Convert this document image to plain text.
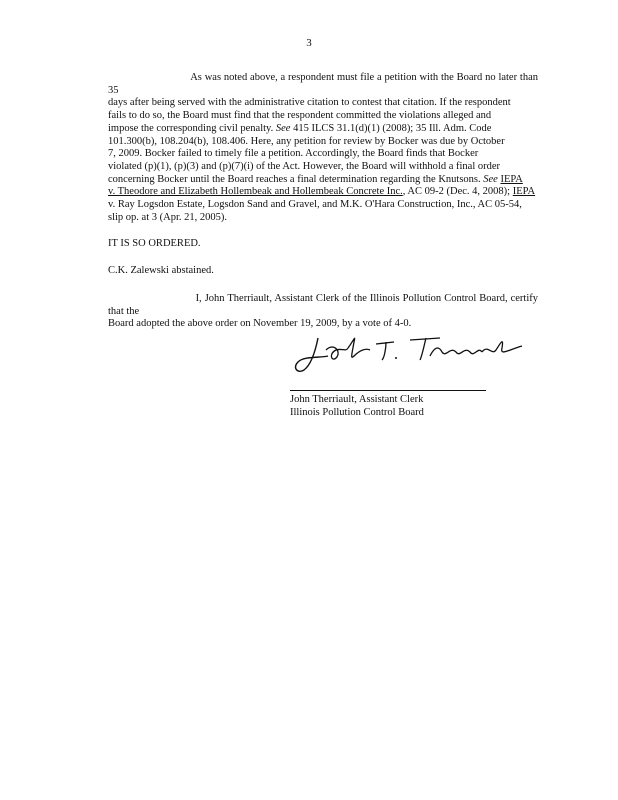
3
As was noted above, a respondent must file a petition with the Board no later than 35
days after being served with the administrative citation to contest that citation. If the respondent
fails to do so, the Board must find that the respondent committed the violations alleged and
impose the corresponding civil penalty. See 415 ILCS 31.1(d)(1) (2008); 35 Ill. Adm. Code
101.300(b), 108.204(b), 108.406. Here, any petition for review by Bocker was due by October
7, 2009. Bocker failed to timely file a petition. Accordingly, the Board finds that Bocker
violated (p)(1), (p)(3) and (p)(7)(i) of the Act. However, the Board will withhold a final order
concerning Bocker until the Board reaches a final determination regarding the Knutsons. See IEPA
v. Theodore and Elizabeth Hollembeak and Hollembeak Concrete Inc., AC 09-2 (Dec. 4, 2008); IEPA
v. Ray Logsdon Estate, Logsdon Sand and Gravel, and M.K. O'Hara Construction, Inc., AC 05-54,
slip op. at 3 (Apr. 21, 2005).
IT IS SO ORDERED.
C.K. Zalewski abstained.
I, John Therriault, Assistant Clerk of the Illinois Pollution Control Board, certify that the
Board adopted the above order on November 19, 2009, by a vote of 4-0.
John Therriault, Assistant Clerk
Illinois Pollution Control Board
